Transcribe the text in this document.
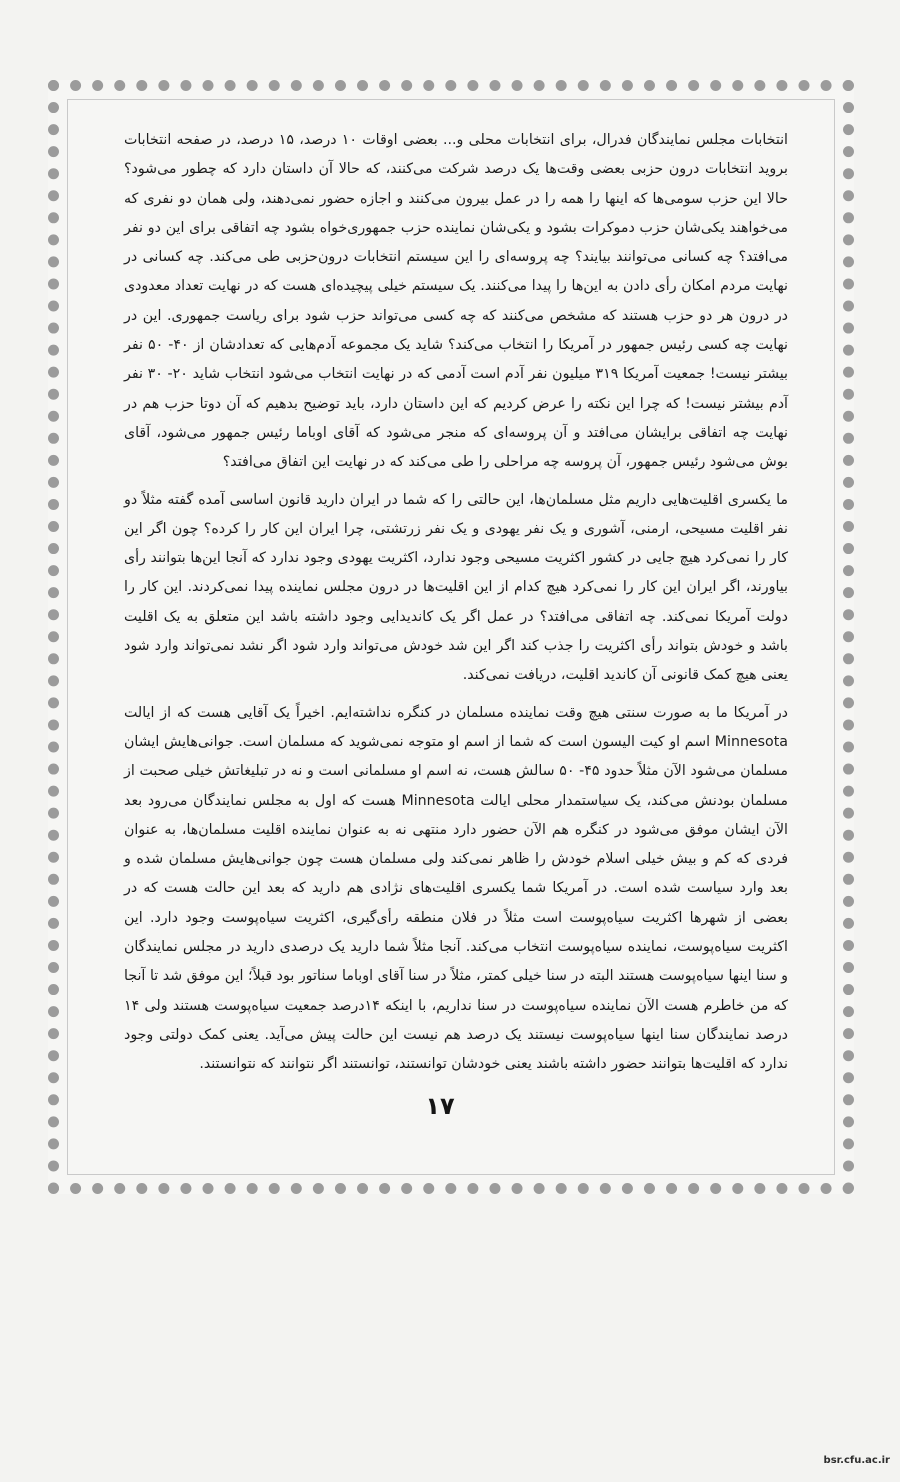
انتخابات مجلس نمایندگان فدرال، برای انتخابات محلی و... بعضی اوقات ۱۰ درصد، ۱۵ درصد، در صفحه انتخابات بروید انتخابات درون حزبی بعضی وقت‌ها یک درصد شرکت می‌کنند، که حالا آن داستان دارد که چطور می‌شود؟ حالا این حزب سومی‌ها که اینها را همه را در عمل بیرون می‌کنند و اجازه حضور نمی‌دهند، ولی همان دو نفری که می‌خواهند یکی‌شان حزب دموکرات بشود و یکی‌شان نماینده حزب جمهوری‌خواه بشود چه اتفاقی برای این دو نفر می‌افتد؟ چه کسانی می‌توانند بیایند؟ چه پروسه‌ای را این سیستم انتخابات درون‌حزبی طی می‌کند. چه کسانی در نهایت مردم امکان رأی دادن به این‌ها را پیدا می‌کنند. یک سیستم خیلی پیچیده‌ای هست که در نهایت تعداد معدودی در درون هر دو حزب هستند که مشخص می‌کنند که چه کسی می‌تواند حزب شود برای ریاست جمهوری. این در نهایت چه کسی رئیس جمهور در آمریکا را انتخاب می‌کند؟ شاید یک مجموعه آدم‌هایی که تعدادشان از ۴۰- ۵۰ نفر بیشتر نیست! جمعیت آمریکا ۳۱۹ میلیون نفر آدم است آدمی که در نهایت انتخاب می‌شود انتخاب شاید ۲۰- ۳۰ نفر آدم بیشتر نیست! که چرا این نکته را عرض کردیم که این داستان دارد، باید توضیح بدهیم که آن دوتا حزب هم در نهایت چه اتفاقی برایشان می‌افتد و آن پروسه‌ای که منجر می‌شود که آقای اوباما رئیس جمهور می‌شود، آقای بوش می‌شود رئیس جمهور، آن پروسه چه مراحلی را طی می‌کند که در نهایت این اتفاق می‌افتد؟

ما یکسری اقلیت‌هایی داریم مثل مسلمان‌ها، این حالتی را که شما در ایران دارید قانون اساسی آمده گفته مثلاً دو نفر اقلیت مسیحی، ارمنی، آشوری و یک نفر یهودی و یک نفر زرتشتی، چرا ایران این کار را کرده؟ چون اگر این کار را نمی‌کرد هیچ جایی در کشور اکثریت مسیحی وجود ندارد، اکثریت یهودی وجود ندارد که آنجا این‌ها بتوانند رأی بیاورند، اگر ایران این کار را نمی‌کرد هیچ کدام از این اقلیت‌ها در درون مجلس نماینده پیدا نمی‌کردند. این کار را دولت آمریکا نمی‌کند. چه اتفاقی می‌افتد؟ در عمل اگر یک کاندیدایی وجود داشته باشد این متعلق به یک اقلیت باشد و خودش بتواند رأی اکثریت را جذب کند اگر این شد خودش می‌تواند وارد شود اگر نشد نمی‌تواند وارد شود یعنی هیچ کمک قانونی آن کاندید اقلیت، دریافت نمی‌کند.

در آمریکا ما به صورت سنتی هیچ وقت نماینده مسلمان در کنگره نداشته‌ایم. اخیراً یک آقایی هست که از ایالت Minnesota اسم او کیت الیسون است که شما از اسم او متوجه نمی‌شوید که مسلمان است. جوانی‌هایش ایشان مسلمان می‌شود الآن مثلاً حدود ۴۵- ۵۰ سالش هست، نه اسم او مسلمانی است و نه در تبلیغاتش خیلی صحبت از مسلمان بودنش می‌کند، یک سیاستمدار محلی ایالت Minnesota هست که اول به مجلس نمایندگان می‌رود بعد الآن ایشان موفق می‌شود در کنگره هم الآن حضور دارد منتهی نه به عنوان نماینده اقلیت مسلمان‌ها، به عنوان فردی که کم و بیش خیلی اسلام خودش را ظاهر نمی‌کند ولی مسلمان هست چون جوانی‌هایش مسلمان شده و بعد وارد سیاست شده است. در آمریکا شما یکسری اقلیت‌های نژادی هم دارید که بعد این حالت هست که در بعضی از شهرها اکثریت سیاه‌پوست است مثلاً در فلان منطقه رأی‌گیری، اکثریت سیاه‌پوست وجود دارد. این اکثریت سیاه‌پوست، نماینده سیاه‌پوست انتخاب می‌کند. آنجا مثلاً شما دارید یک درصدی دارید در مجلس نمایندگان و سنا اینها سیاه‌پوست هستند البته در سنا خیلی کمتر، مثلاً در سنا آقای اوباما سناتور بود قبلاً؛ این موفق شد تا آنجا که من خاطرم هست الآن نماینده سیاه‌پوست در سنا نداریم، با اینکه ۱۴درصد جمعیت سیاه‌پوست هستند ولی ۱۴ درصد نمایندگان سنا اینها سیاه‌پوست نیستند یک درصد هم نیست این حالت پیش می‌آید. یعنی کمک دولتی وجود ندارد که اقلیت‌ها بتوانند حضور داشته باشند یعنی خودشان توانستند، توانستند اگر نتوانند که نتوانستند.

۱۷
bsr.cfu.ac.ir
